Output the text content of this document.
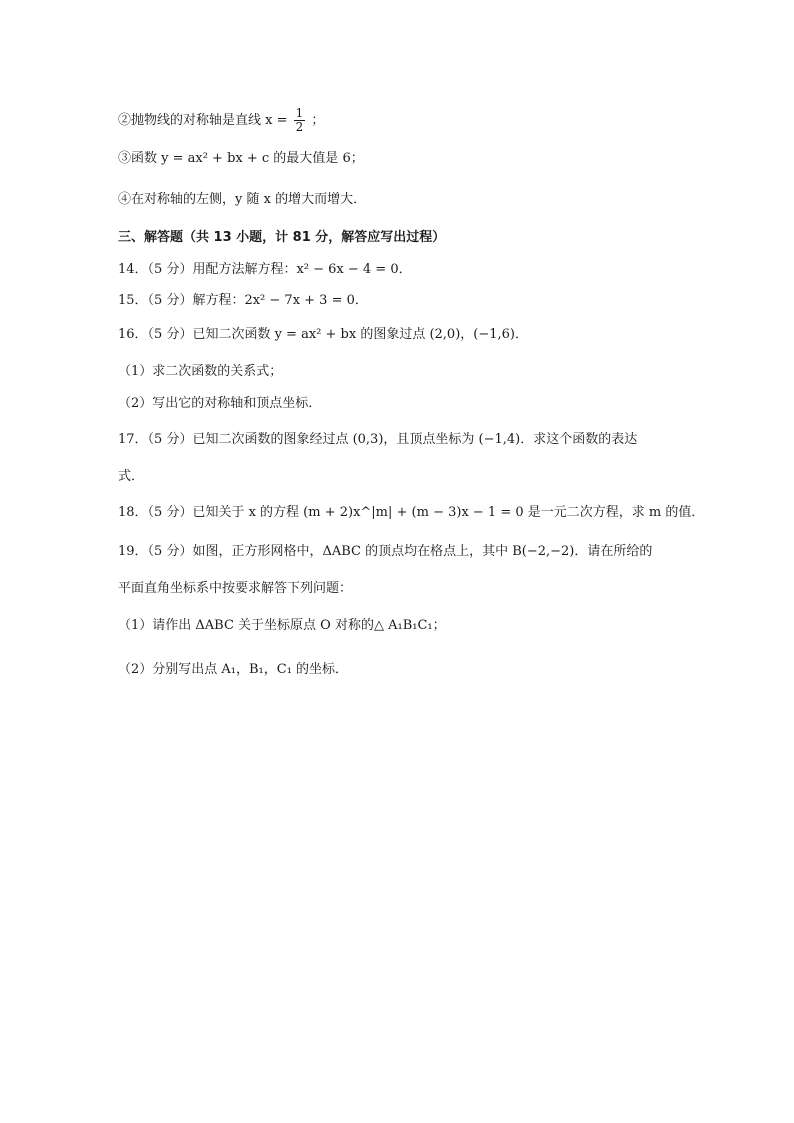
②抛物线的对称轴是直线 $x = \frac{1}{2}$ ；
③函数 y = ax² + bx + c 的最大值是 6；
④在对称轴的左侧，y 随 x 的增大而增大．
三、解答题（共 13 小题，计 81 分，解答应写出过程）
14．（5 分）用配方法解方程：x² − 6x − 4 = 0．
15．（5 分）解方程：2x² − 7x + 3 = 0．
16．（5 分）已知二次函数 y = ax² + bx 的图象过点 (2,0)，(−1,6)．
（1）求二次函数的关系式；
（2）写出它的对称轴和顶点坐标．
17．（5 分）已知二次函数的图象经过点 (0,3)，且顶点坐标为 (−1,4)．求这个函数的表达
式．
18．（5 分）已知关于 x 的方程 (m + 2)x^|m| + (m − 3)x − 1 = 0 是一元二次方程，求 m 的值．
19．（5 分）如图，正方形网格中，ΔABC 的顶点均在格点上，其中 B(−2,−2)．请在所给的
平面直角坐标系中按要求解答下列问题：
（1）请作出 ΔABC 关于坐标原点 O 对称的△ A₁B₁C₁；
（2）分别写出点 A₁，B₁，C₁ 的坐标．
